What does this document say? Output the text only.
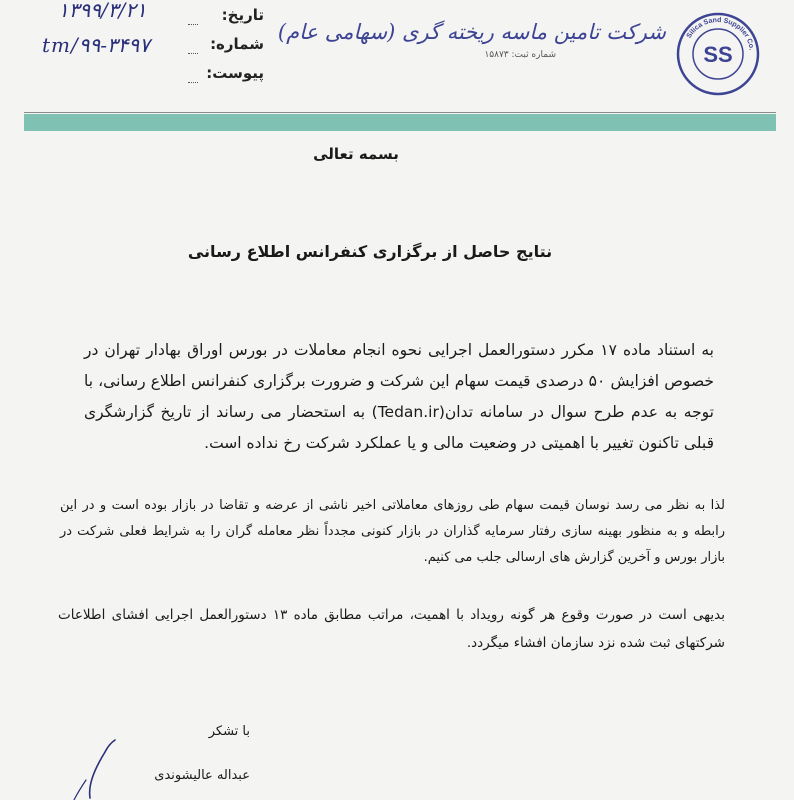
تاریخ:
۱۳۹۹/۳/۲۱
شماره:
tm/۹۹-۳۴۹۷
پیوست:
شرکت تامین ماسه ریخته گری (سهامی عام)
شماره ثبت: ۱۵۸۷۳
Silica Sand Supplier Co.
SS
بسمه تعالی
نتایج حاصل از برگزاری کنفرانس اطلاع رسانی
به استناد ماده ۱۷ مکرر دستورالعمل اجرایی نحوه انجام معاملات در بورس اوراق بهادار تهران در خصوص افزایش ۵۰ درصدی قیمت سهام این شرکت و ضرورت برگزاری کنفرانس اطلاع رسانی، با توجه به عدم طرح سوال در سامانه تدان(Tedan.ir) به استحضار می رساند از تاریخ گزارشگری قبلی تاکنون تغییر با اهمیتی در وضعیت مالی و یا عملکرد شرکت رخ نداده است.
لذا به نظر می رسد نوسان قیمت سهام طی روزهای معاملاتی اخیر ناشی از عرضه و تقاضا در بازار بوده است و در این رابطه و به منظور بهینه سازی رفتار سرمایه گذاران در بازار کنونی مجدداً نظر معامله گران را به شرایط فعلی شرکت در بازار بورس و آخرین گزارش های ارسالی جلب می کنیم.
بدیهی است در صورت وقوع هر گونه رویداد با اهمیت، مراتب مطابق ماده ۱۳ دستورالعمل اجرایی افشای اطلاعات شرکتهای ثبت شده نزد سازمان افشاء میگردد.
با تشکر
عبداله عالیشوندی
